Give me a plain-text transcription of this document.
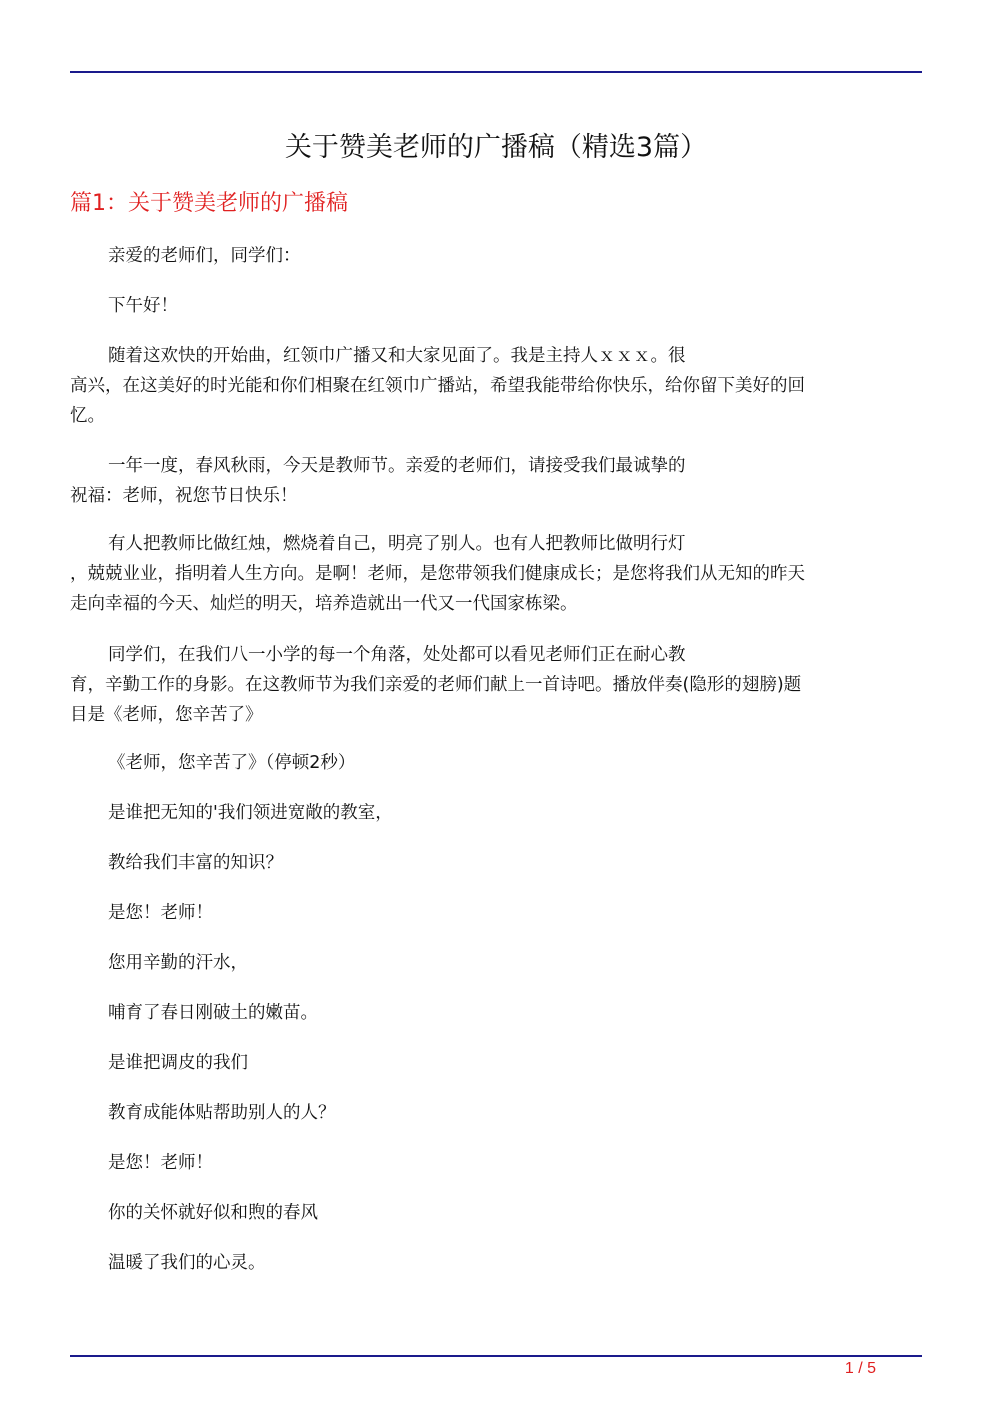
关于赞美老师的广播稿（精选3篇）
篇1：关于赞美老师的广播稿

亲爱的老师们，同学们：

下午好！

随着这欢快的开始曲，红领巾广播又和大家见面了。我是主持人ｘｘｘ。很
高兴，在这美好的时光能和你们相聚在红领巾广播站，希望我能带给你快乐，给你留下美好的回
忆。

一年一度，春风秋雨，今天是教师节。亲爱的老师们，请接受我们最诚挚的
祝福：老师，祝您节日快乐！

有人把教师比做红烛，燃烧着自己，明亮了别人。也有人把教师比做明行灯
，兢兢业业，指明着人生方向。是啊！老师，是您带领我们健康成长；是您将我们从无知的昨天
走向幸福的今天、灿烂的明天，培养造就出一代又一代国家栋梁。

同学们，在我们八一小学的每一个角落，处处都可以看见老师们正在耐心教
育，辛勤工作的身影。在这教师节为我们亲爱的老师们献上一首诗吧。播放伴奏(隐形的翅膀)题
目是《老师，您辛苦了》

《老师，您辛苦了》（停顿2秒）

是谁把无知的'我们领进宽敞的教室，

教给我们丰富的知识？

是您！老师！

您用辛勤的汗水，

哺育了春日刚破土的嫩苗。

是谁把调皮的我们

教育成能体贴帮助别人的人？

是您！老师！

你的关怀就好似和煦的春风

温暖了我们的心灵。

1 / 5
